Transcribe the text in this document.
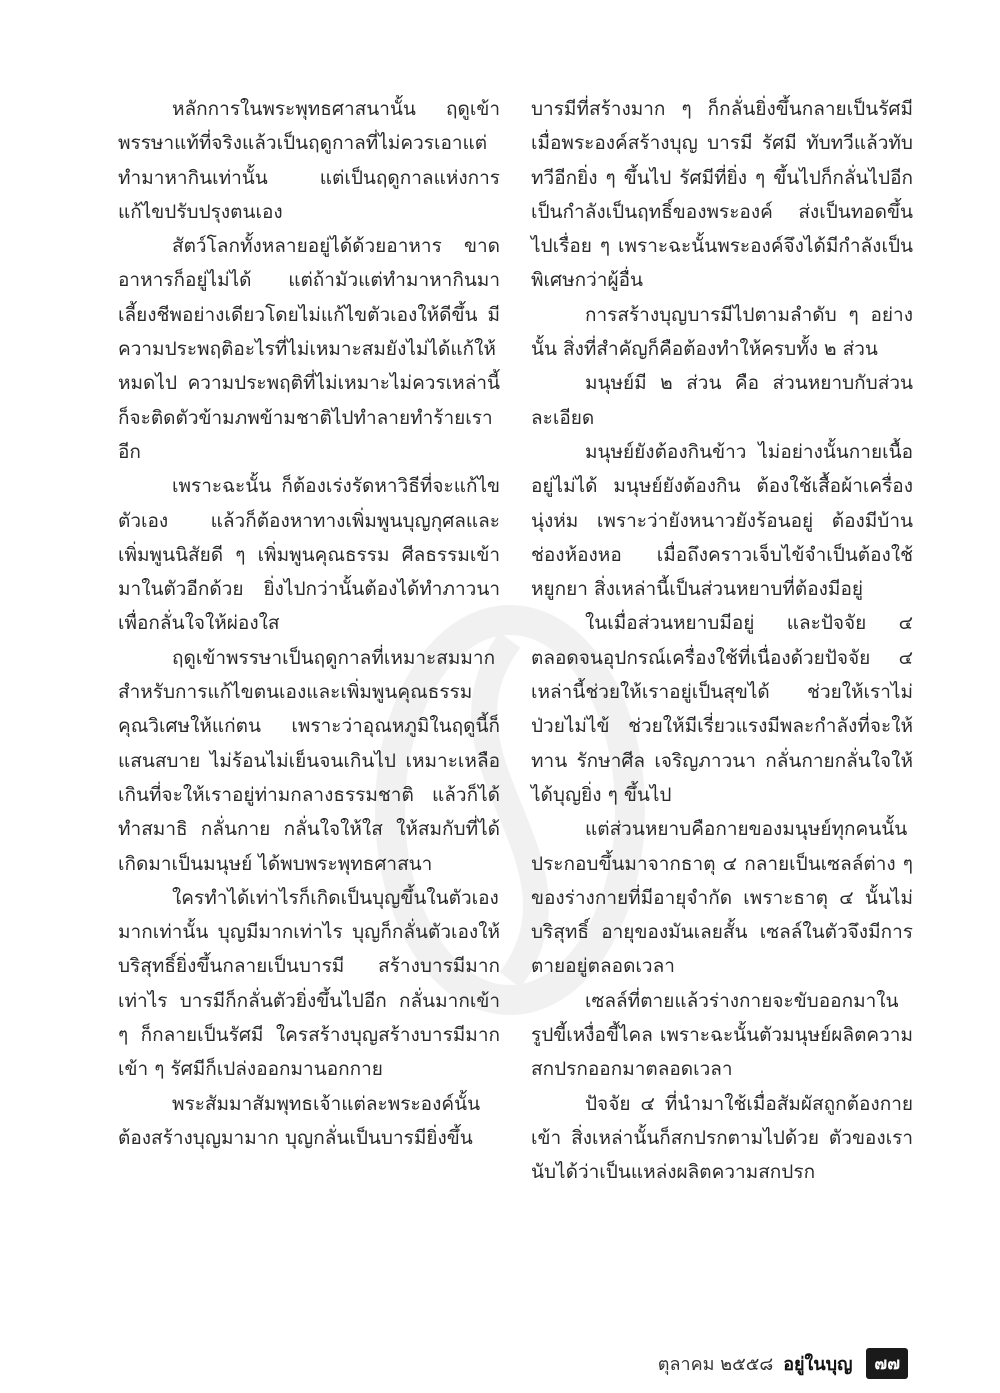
หลักการในพระพุทธศาสนานั้น ฤดูเข้าพรรษาแท้ที่จริงแล้วเป็นฤดูกาลที่ไม่ควรเอาแต่ทำมาหากินเท่านั้น แต่เป็นฤดูกาลแห่งการแก้ไขปรับปรุงตนเอง

สัตว์โลกทั้งหลายอยู่ได้ด้วยอาหาร ขาดอาหารก็อยู่ไม่ได้ แต่ถ้ามัวแต่ทำมาหากินมาเลี้ยงชีพอย่างเดียวโดยไม่แก้ไขตัวเองให้ดีขึ้น มีความประพฤติอะไรที่ไม่เหมาะสมยังไม่ได้แก้ให้หมดไป ความประพฤติที่ไม่เหมาะไม่ควรเหล่านี้ ก็จะติดตัวข้ามภพข้ามชาติไปทำลายทำร้ายเราอีก

เพราะฉะนั้น ก็ต้องเร่งรัดหาวิธีที่จะแก้ไขตัวเอง แล้วก็ต้องหาทางเพิ่มพูนบุญกุศลและเพิ่มพูนนิสัยดี ๆ เพิ่มพูนคุณธรรม ศีลธรรมเข้ามาในตัวอีกด้วย ยิ่งไปกว่านั้นต้องได้ทำภาวนาเพื่อกลั่นใจให้ผ่องใส

ฤดูเข้าพรรษาเป็นฤดูกาลที่เหมาะสมมากสำหรับการแก้ไขตนเองและเพิ่มพูนคุณธรรม คุณวิเศษให้แก่ตน เพราะว่าอุณหภูมิในฤดูนี้ก็แสนสบาย ไม่ร้อนไม่เย็นจนเกินไป เหมาะเหลือเกินที่จะให้เราอยู่ท่ามกลางธรรมชาติ แล้วก็ได้ทำสมาธิ กลั่นกาย กลั่นใจให้ใส ให้สมกับที่ได้เกิดมาเป็นมนุษย์ ได้พบพระพุทธศาสนา

ใครทำได้เท่าไรก็เกิดเป็นบุญขึ้นในตัวเองมากเท่านั้น บุญมีมากเท่าไร บุญก็กลั่นตัวเองให้บริสุทธิ์ยิ่งขึ้นกลายเป็นบารมี สร้างบารมีมากเท่าไร บารมีก็กลั่นตัวยิ่งขึ้นไปอีก กลั่นมากเข้า ๆ ก็กลายเป็นรัศมี ใครสร้างบุญสร้างบารมีมากเข้า ๆ รัศมีก็เปล่งออกมานอกกาย

พระสัมมาสัมพุทธเจ้าแต่ละพระองค์นั้นต้องสร้างบุญมามาก บุญกลั่นเป็นบารมียิ่งขึ้น

บารมีที่สร้างมาก ๆ ก็กลั่นยิ่งขึ้นกลายเป็นรัศมีเมื่อพระองค์สร้างบุญ บารมี รัศมี ทับทวีแล้วทับทวีอีกยิ่ง ๆ ขึ้นไป รัศมีที่ยิ่ง ๆ ขึ้นไปก็กลั่นไปอีกเป็นกำลังเป็นฤทธิ์ของพระองค์ ส่งเป็นทอดขึ้นไปเรื่อย ๆ เพราะฉะนั้นพระองค์จึงได้มีกำลังเป็นพิเศษกว่าผู้อื่น

การสร้างบุญบารมีไปตามลำดับ ๆ อย่างนั้น สิ่งที่สำคัญก็คือต้องทำให้ครบทั้ง ๒ ส่วน

มนุษย์มี ๒ ส่วน คือ ส่วนหยาบกับส่วนละเอียด

มนุษย์ยังต้องกินข้าว ไม่อย่างนั้นกายเนื้ออยู่ไม่ได้ มนุษย์ยังต้องกิน ต้องใช้เสื้อผ้าเครื่องนุ่งห่ม เพราะว่ายังหนาวยังร้อนอยู่ ต้องมีบ้านช่องห้องหอ เมื่อถึงคราวเจ็บไข้จำเป็นต้องใช้หยูกยา สิ่งเหล่านี้เป็นส่วนหยาบที่ต้องมีอยู่

ในเมื่อส่วนหยาบมีอยู่ และปัจจัย ๔ ตลอดจนอุปกรณ์เครื่องใช้ที่เนื่องด้วยปัจจัย ๔ เหล่านี้ช่วยให้เราอยู่เป็นสุขได้ ช่วยให้เราไม่ป่วยไม่ไข้ ช่วยให้มีเรี่ยวแรงมีพละกำลังที่จะให้ทาน รักษาศีล เจริญภาวนา กลั่นกายกลั่นใจให้ได้บุญยิ่ง ๆ ขึ้นไป

แต่ส่วนหยาบคือกายของมนุษย์ทุกคนนั้น ประกอบขึ้นมาจากธาตุ ๔ กลายเป็นเซลล์ต่าง ๆ ของร่างกายที่มีอายุจำกัด เพราะธาตุ ๔ นั้นไม่บริสุทธิ์ อายุของมันเลยสั้น เซลล์ในตัวจึงมีการตายอยู่ตลอดเวลา

เซลล์ที่ตายแล้วร่างกายจะขับออกมาในรูปขี้เหงื่อขี้ไคล เพราะฉะนั้นตัวมนุษย์ผลิตความสกปรกออกมาตลอดเวลา

ปัจจัย ๔ ที่นำมาใช้เมื่อสัมผัสถูกต้องกายเข้า สิ่งเหล่านั้นก็สกปรกตามไปด้วย ตัวของเรานับได้ว่าเป็นแหล่งผลิตความสกปรก

ตุลาคม ๒๕๕๘ อยู่ในบุญ	๗๗
